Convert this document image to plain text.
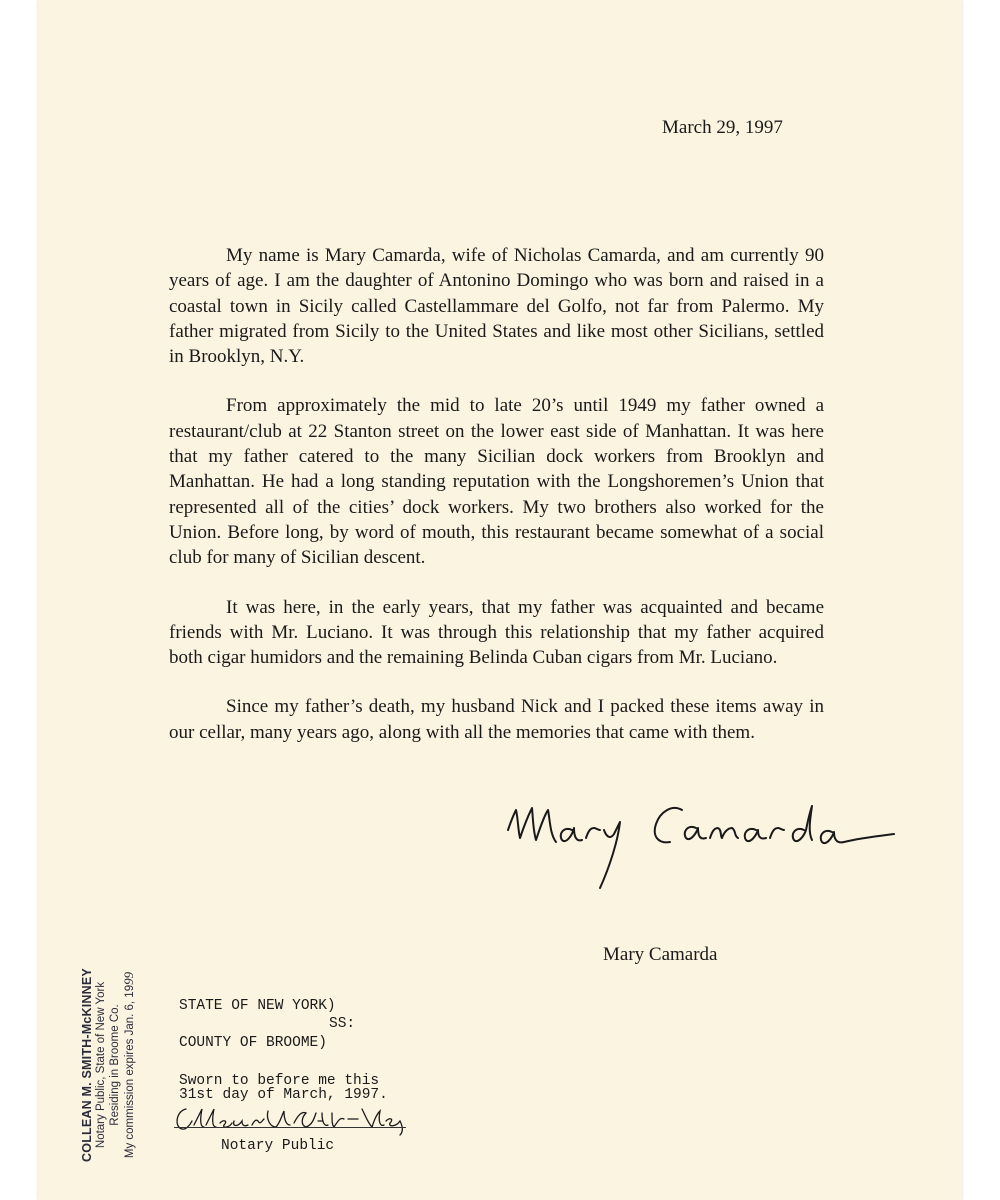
March 29, 1997

My name is Mary Camarda, wife of Nicholas Camarda, and am currently 90 years of age. I am the daughter of Antonino Domingo who was born and raised in a coastal town in Sicily called Castellammare del Golfo, not far from Palermo. My father migrated from Sicily to the United States and like most other Sicilians, settled in Brooklyn, N.Y.

From approximately the mid to late 20’s until 1949 my father owned a restaurant/club at 22 Stanton street on the lower east side of Manhattan. It was here that my father catered to the many Sicilian dock workers from Brooklyn and Manhattan. He had a long standing reputation with the Longshoremen’s Union that represented all of the cities’ dock workers. My two brothers also worked for the Union. Before long, by word of mouth, this restaurant became somewhat of a social club for many of Sicilian descent.

It was here, in the early years, that my father was acquainted and became friends with Mr. Luciano. It was through this relationship that my father acquired both cigar humidors and the remaining Belinda Cuban cigars from Mr. Luciano.

Since my father’s death, my husband Nick and I packed these items away in our cellar, many years ago, along with all the memories that came with them.

Mary Camarda
STATE OF NEW YORK)
SS:
COUNTY OF BROOME)
Sworn to before me this
31st day of March, 1997.
Notary Public
COLLEAN M. SMITH-McKINNEY Notary Public, State of New York Residing in Broome Co. My commission expires Jan. 6, 1999
